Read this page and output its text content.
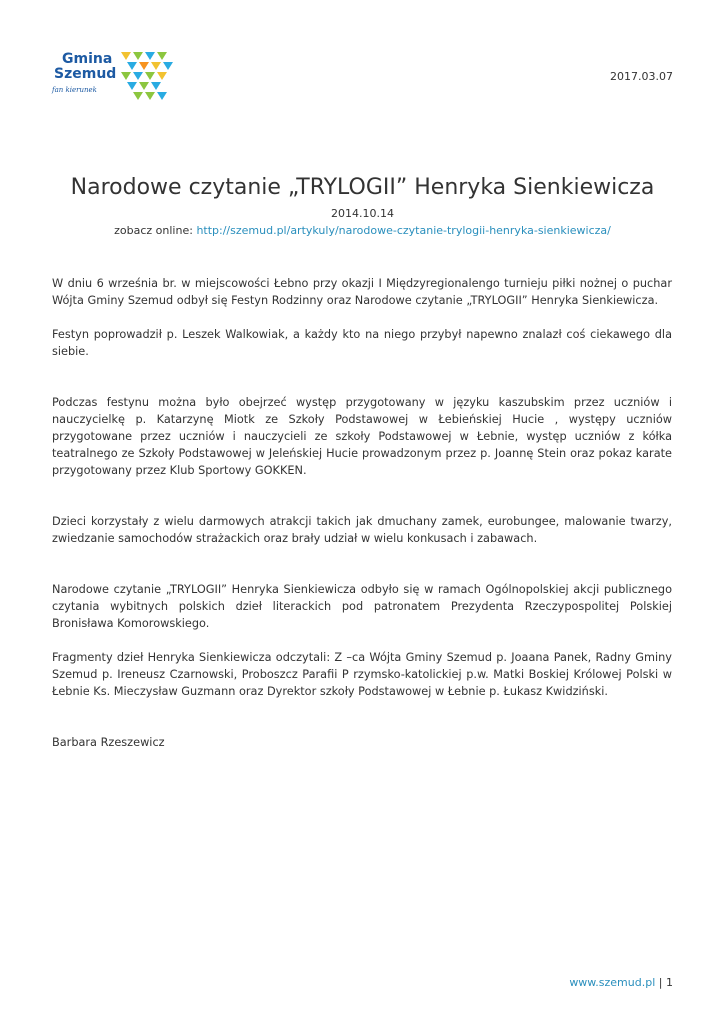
Gmina
Szemud
fan kierunek
2017.03.07
Narodowe czytanie „TRYLOGII” Henryka Sienkiewicza
2014.10.14
zobacz online: http://szemud.pl/artykuly/narodowe-czytanie-trylogii-henryka-sienkiewicza/

W dniu 6 września br. w miejscowości Łebno przy okazji I Międzyregionalengo turnieju piłki nożnej o puchar Wójta Gminy Szemud odbył się Festyn Rodzinny oraz Narodowe czytanie „TRYLOGII” Henryka Sienkiewicza.

Festyn poprowadził p. Leszek Walkowiak, a każdy kto na niego przybył napewno znalazł coś ciekawego dla siebie.

Podczas festynu można było obejrzeć występ przygotowany w języku kaszubskim przez uczniów i nauczycielkę p. Katarzynę Miotk ze Szkoły Podstawowej w Łebieńskiej Hucie , występy uczniów przygotowane przez uczniów i nauczycieli ze szkoły Podstawowej w Łebnie, występ uczniów z kółka teatralnego ze Szkoły Podstawowej w Jeleńskiej Hucie prowadzonym przez p. Joannę Stein oraz pokaz karate przygotowany przez Klub Sportowy GOKKEN.

Dzieci korzystały z wielu darmowych atrakcji takich jak dmuchany zamek, eurobungee, malowanie twarzy, zwiedzanie samochodów strażackich oraz brały udział w wielu konkusach i zabawach.

Narodowe czytanie „TRYLOGII” Henryka Sienkiewicza odbyło się w ramach Ogólnopolskiej akcji publicznego czytania wybitnych polskich dzieł literackich pod patronatem Prezydenta Rzeczypospolitej Polskiej Bronisława Komorowskiego.

Fragmenty dzieł Henryka Sienkiewicza odczytali: Z –ca Wójta Gminy Szemud p. Joaana Panek, Radny Gminy Szemud p. Ireneusz Czarnowski, Proboszcz Parafii P rzymsko-katolickiej p.w. Matki Boskiej Królowej Polski w Łebnie Ks. Mieczysław Guzmann oraz Dyrektor szkoły Podstawowej w Łebnie p. Łukasz Kwidziński.

Barbara Rzeszewicz

www.szemud.pl | 1
